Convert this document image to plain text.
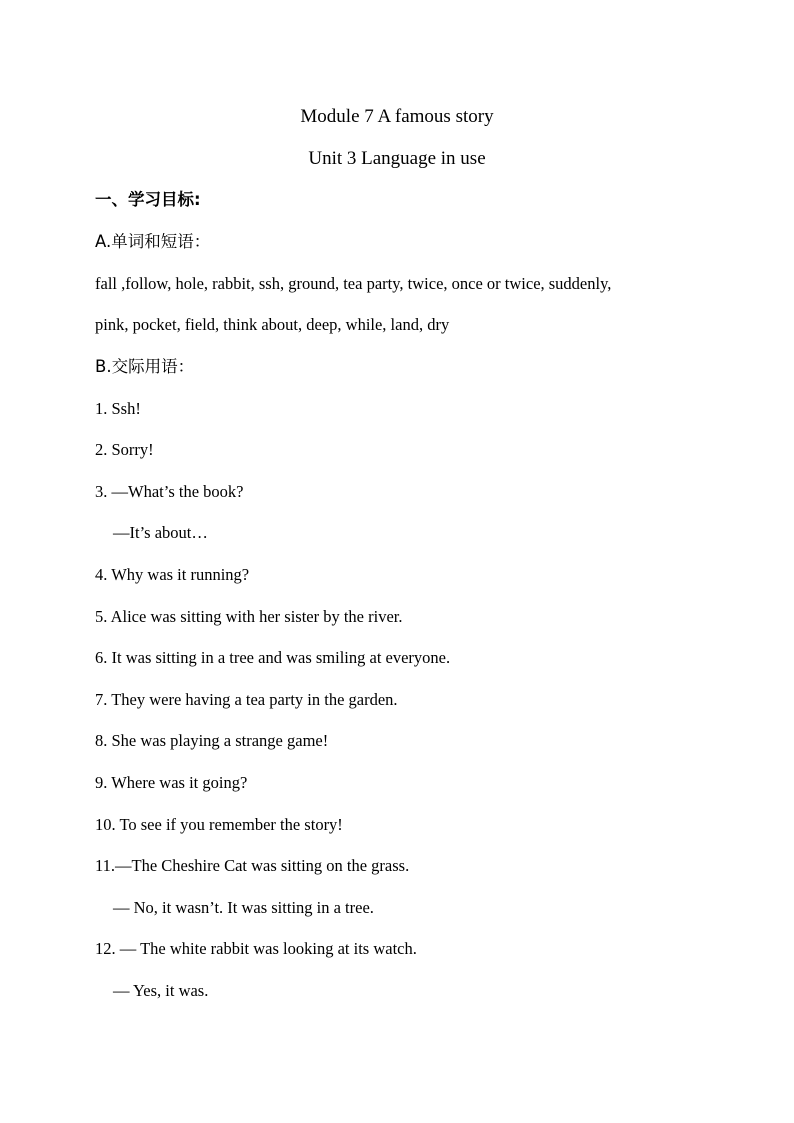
Module 7 A famous story
Unit 3 Language in use
一、学习目标:
A.单词和短语：
fall ,follow, hole, rabbit, ssh, ground, tea party, twice, once or twice, suddenly,
pink, pocket, field, think about, deep, while, land, dry
B.交际用语：
1. Ssh!
2. Sorry!
3. —What’s the book?
—It’s about…
4. Why was it running?
5. Alice was sitting with her sister by the river.
6. It was sitting in a tree and was smiling at everyone.
7. They were having a tea party in the garden.
8. She was playing a strange game!
9. Where was it going?
10. To see if you remember the story!
11.—The Cheshire Cat was sitting on the grass.
— No, it wasn’t. It was sitting in a tree.
12. — The white rabbit was looking at its watch.
— Yes, it was.
